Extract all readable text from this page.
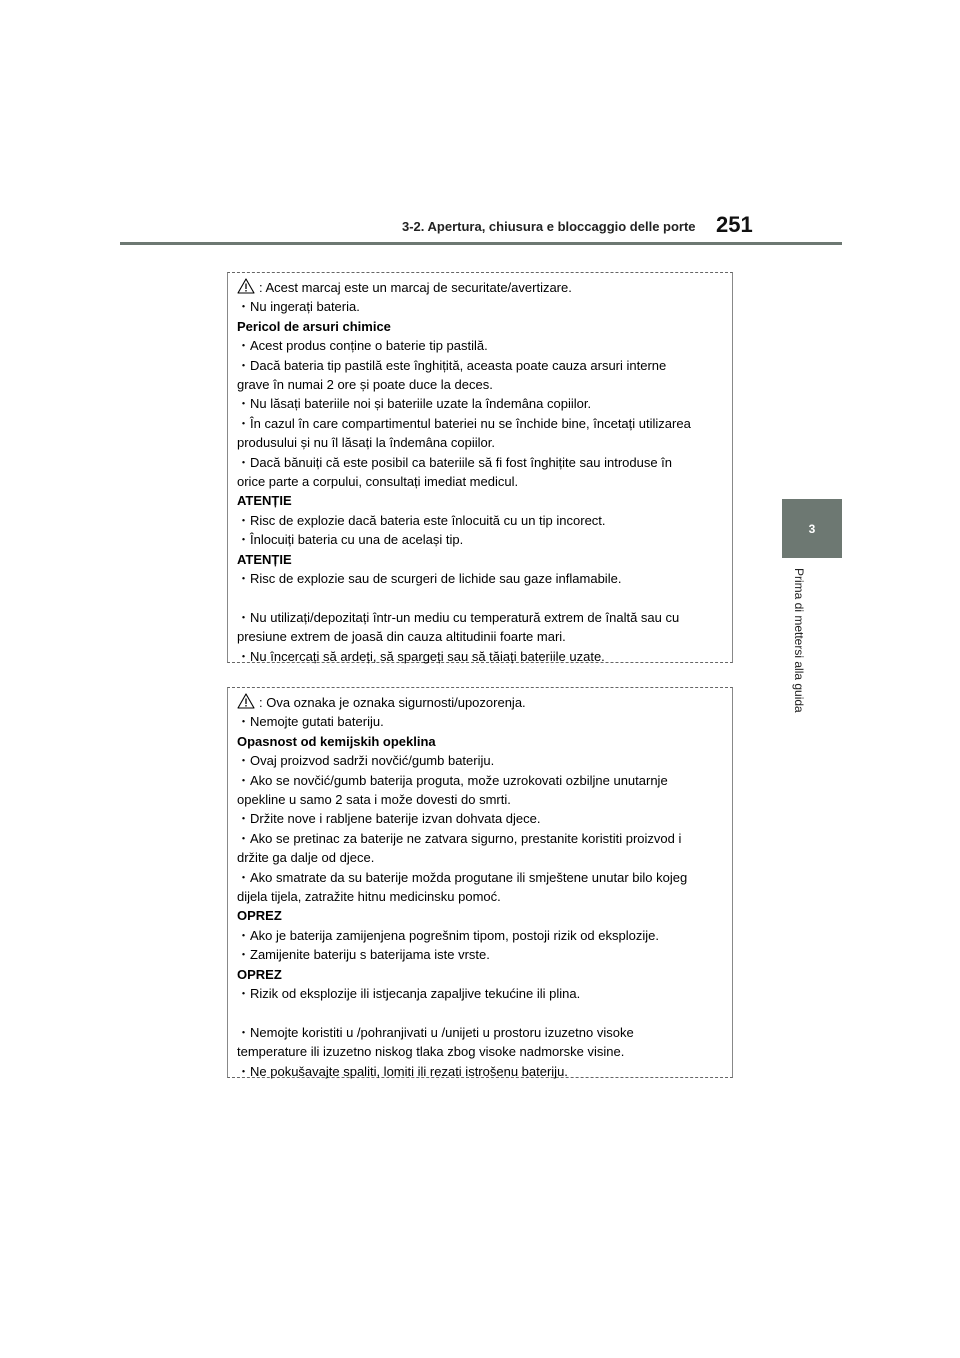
3-2. Apertura, chiusura e bloccaggio delle porte 251
3
Prima di mettersi alla guida
: Acest marcaj este un marcaj de securitate/avertizare.
・Nu ingerați bateria.
Pericol de arsuri chimice
・Acest produs conține o baterie tip pastilă.
・Dacă bateria tip pastilă este înghițită, aceasta poate cauza arsuri interne
grave în numai 2 ore și poate duce la deces.
・Nu lăsați bateriile noi și bateriile uzate la îndemâna copiilor.
・În cazul în care compartimentul bateriei nu se închide bine, încetați utilizarea
produsului și nu îl lăsați la îndemâna copiilor.
・Dacă bănuiți că este posibil ca bateriile să fi fost înghițite sau introduse în
orice parte a corpului, consultați imediat medicul.
ATENȚIE
・Risc de explozie dacă bateria este înlocuită cu un tip incorect.
・Înlocuiți bateria cu una de același tip.
ATENȚIE
・Risc de explozie sau de scurgeri de lichide sau gaze inflamabile.
・Nu utilizați/depozitați într-un mediu cu temperatură extrem de înaltă sau cu
presiune extrem de joasă din cauza altitudinii foarte mari.
・Nu încercați să ardeți, să spargeți sau să tăiați bateriile uzate.
: Ova oznaka je oznaka sigurnosti/upozorenja.
・Nemojte gutati bateriju.
Opasnost od kemijskih opeklina
・Ovaj proizvod sadrži novčić/gumb bateriju.
・Ako se novčić/gumb baterija proguta, može uzrokovati ozbiljne unutarnje
opekline u samo 2 sata i može dovesti do smrti.
・Držite nove i rabljene baterije izvan dohvata djece.
・Ako se pretinac za baterije ne zatvara sigurno, prestanite koristiti proizvod i
držite ga dalje od djece.
・Ako smatrate da su baterije možda progutane ili smještene unutar bilo kojeg
dijela tijela, zatražite hitnu medicinsku pomoć.
OPREZ
・Ako je baterija zamijenjena pogrešnim tipom, postoji rizik od eksplozije.
・Zamijenite bateriju s baterijama iste vrste.
OPREZ
・Rizik od eksplozije ili istjecanja zapaljive tekućine ili plina.
・Nemojte koristiti u /pohranjivati u /unijeti u prostoru izuzetno visoke
temperature ili izuzetno niskog tlaka zbog visoke nadmorske visine.
・Ne pokušavajte spaliti, lomiti ili rezati istrošenu bateriju.
